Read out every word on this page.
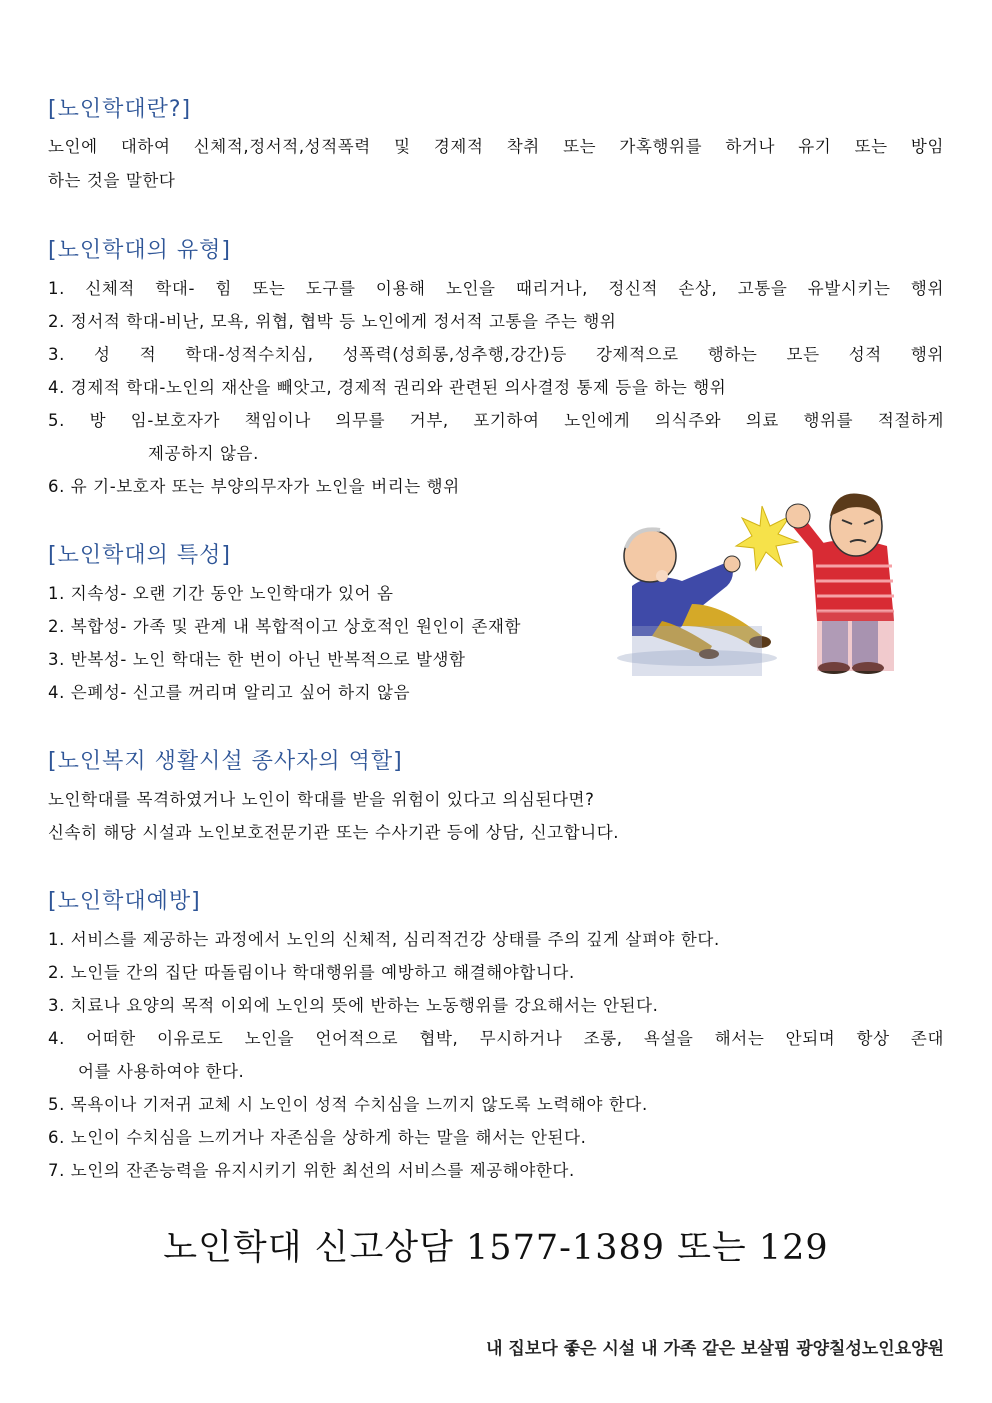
[노인학대란?]
노인에 대하여 신체적,정서적,성적폭력 및 경제적 착취 또는 가혹행위를 하거나 유기 또는 방임
하는 것을 말한다
[노인학대의 유형]
1. 신체적 학대- 힘 또는 도구를 이용해 노인을 때리거나, 정신적 손상, 고통을 유발시키는 행위
2. 정서적 학대-비난, 모욕, 위협, 협박 등 노인에게 정서적 고통을 주는 행위
3. 성 적 학대-성적수치심, 성폭력(성희롱,성추행,강간)등 강제적으로 행하는 모든 성적 행위
4. 경제적 학대-노인의 재산을 빼앗고, 경제적 권리와 관련된 의사결정 통제 등을 하는 행위
5. 방 임-보호자가 책임이나 의무를 거부, 포기하여 노인에게 의식주와 의료 행위를 적절하게
제공하지 않음.
6. 유 기-보호자 또는 부양의무자가 노인을 버리는 행위
[노인학대의 특성]
1. 지속성- 오랜 기간 동안 노인학대가 있어 옴
2. 복합성- 가족 및 관계 내 복합적이고 상호적인 원인이 존재함
3. 반복성- 노인 학대는 한 번이 아닌 반복적으로 발생함
4. 은폐성- 신고를 꺼리며 알리고 싶어 하지 않음
[노인복지 생활시설 종사자의 역할]
노인학대를 목격하였거나 노인이 학대를 받을 위험이 있다고 의심된다면?
신속히 해당 시설과 노인보호전문기관 또는 수사기관 등에 상담, 신고합니다.
[노인학대예방]
1. 서비스를 제공하는 과정에서 노인의 신체적, 심리적건강 상태를 주의 깊게 살펴야 한다.
2. 노인들 간의 집단 따돌림이나 학대행위를 예방하고 해결해야합니다.
3. 치료나 요양의 목적 이외에 노인의 뜻에 반하는 노동행위를 강요해서는 안된다.
4. 어떠한 이유로도 노인을 언어적으로 협박, 무시하거나 조롱, 욕설을 해서는 안되며 항상 존대
어를 사용하여야 한다.
5. 목욕이나 기저귀 교체 시 노인이 성적 수치심을 느끼지 않도록 노력해야 한다.
6. 노인이 수치심을 느끼거나 자존심을 상하게 하는 말을 해서는 안된다.
7. 노인의 잔존능력을 유지시키기 위한 최선의 서비스를 제공해야한다.
노인학대 신고상담 1577-1389 또는 129
내 집보다 좋은 시설 내 가족 같은 보살핌 광양칠성노인요양원
